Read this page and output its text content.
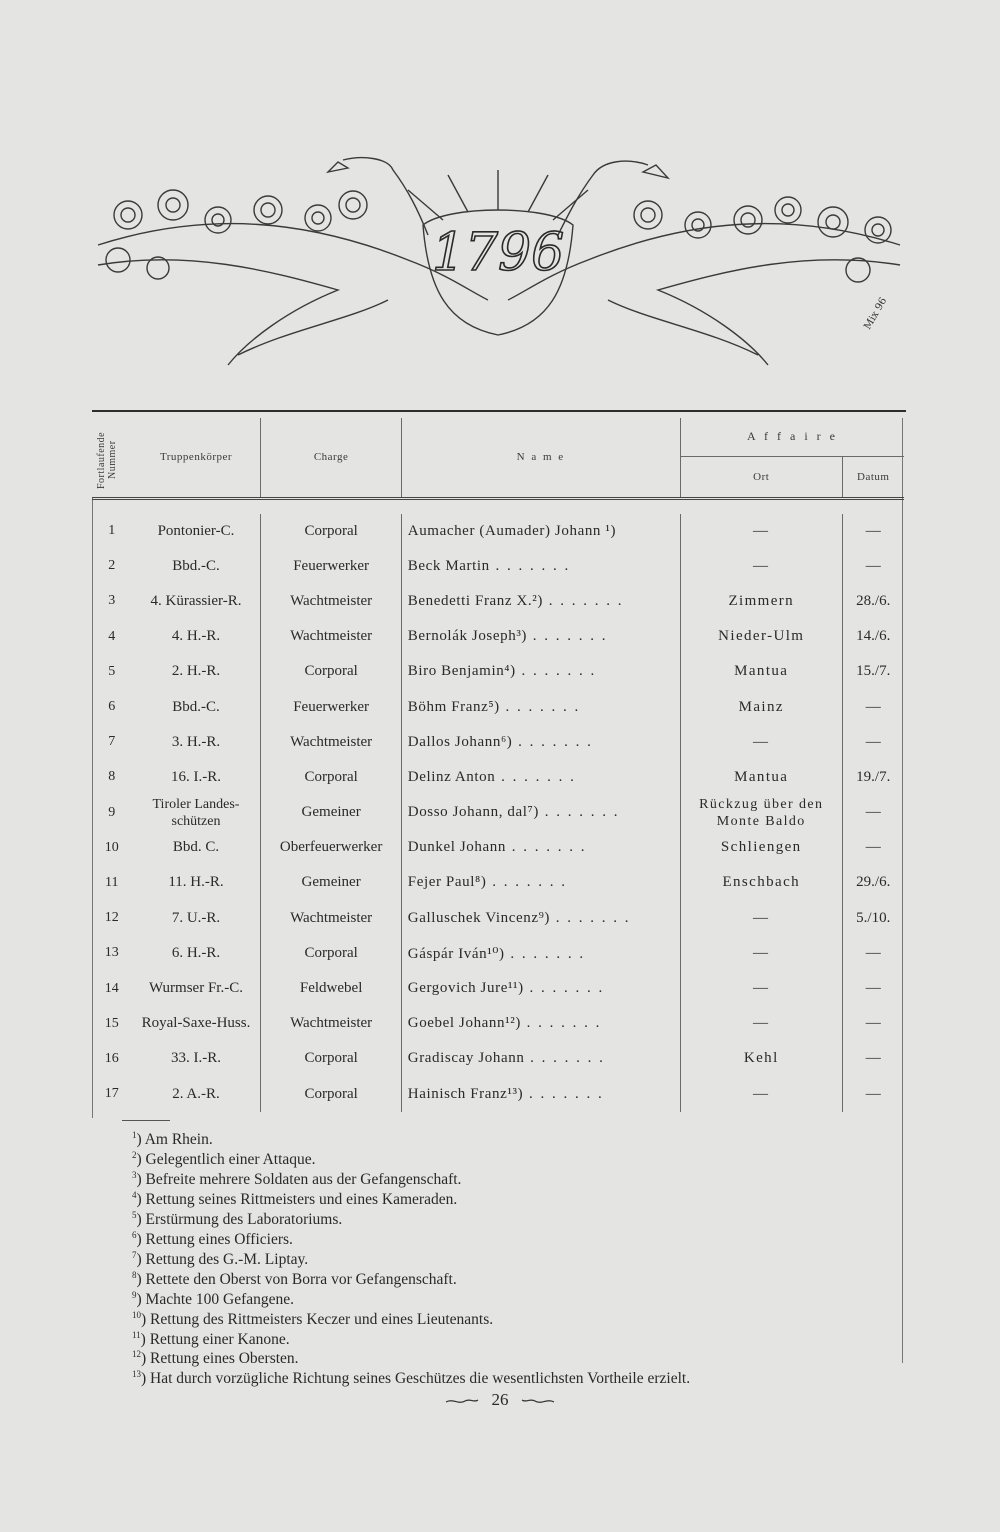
1796
Mix 96
Fortlaufende Nummer	Truppenkörper	Charge	N a m e	A f f a i r e	
				Ort	Datum

1	Pontonier-C.	Corporal	Aumacher (Aumader) Johann ¹)	—	—
2	Bbd.-C.	Feuerwerker	Beck Martin . . .	—	—
3	4. Kürassier-R.	Wachtmeister	Benedetti Franz X.²) . . .	Zimmern	28./6.
4	4. H.-R.	Wachtmeister	Bernolák Joseph³) . . .	Nieder-Ulm	14./6.
5	2. H.-R.	Corporal	Biro Benjamin⁴) . . .	Mantua	15./7.
6	Bbd.-C.	Feuerwerker	Böhm Franz⁵) . . .	Mainz	—
7	3. H.-R.	Wachtmeister	Dallos Johann⁶) . . .	—	—
8	16. I.-R.	Corporal	Delinz Anton . . .	Mantua	19./7.
9	Tiroler Landes-schützen	Gemeiner	Dosso Johann, dal⁷) . . .	Rückzug über den Monte Baldo	—
10	Bbd. C.	Oberfeuerwerker	Dunkel Johann . . .	Schliengen	—
11	11. H.-R.	Gemeiner	Fejer Paul⁸) . . .	Enschbach	29./6.
12	7. U.-R.	Wachtmeister	Galluschek Vincenz⁹) . . .	—	5./10.
13	6. H.-R.	Corporal	Gáspár Iván¹⁰) . . .	—	—
14	Wurmser Fr.-C.	Feldwebel	Gergovich Jure¹¹) . . .	—	—
15	Royal-Saxe-Huss.	Wachtmeister	Goebel Johann¹²) . . .	—	—
16	33. I.-R.	Corporal	Gradiscay Johann . . .	Kehl	—
17	2. A.-R.	Corporal	Hainisch Franz¹³) . . .	—	—
$^1$) Am Rhein.
$^2$) Gelegentlich einer Attaque.
$^3$) Befreite mehrere Soldaten aus der Gefangenschaft.
$^4$) Rettung seines Rittmeisters und eines Kameraden.
$^5$) Erstürmung des Laboratoriums.
$^6$) Rettung eines Officiers.
$^7$) Rettung des G.-M. Liptay.
$^8$) Rettete den Oberst von Borra vor Gefangenschaft.
$^9$) Machte 100 Gefangene.
$^{10}$) Rettung des Rittmeisters Keczer und eines Lieutenants.
$^{11}$) Rettung einer Kanone.
$^{12}$) Rettung eines Obersten.
$^{13}$) Hat durch vorzügliche Richtung seines Geschützes die wesentlichsten Vortheile erzielt.
26
